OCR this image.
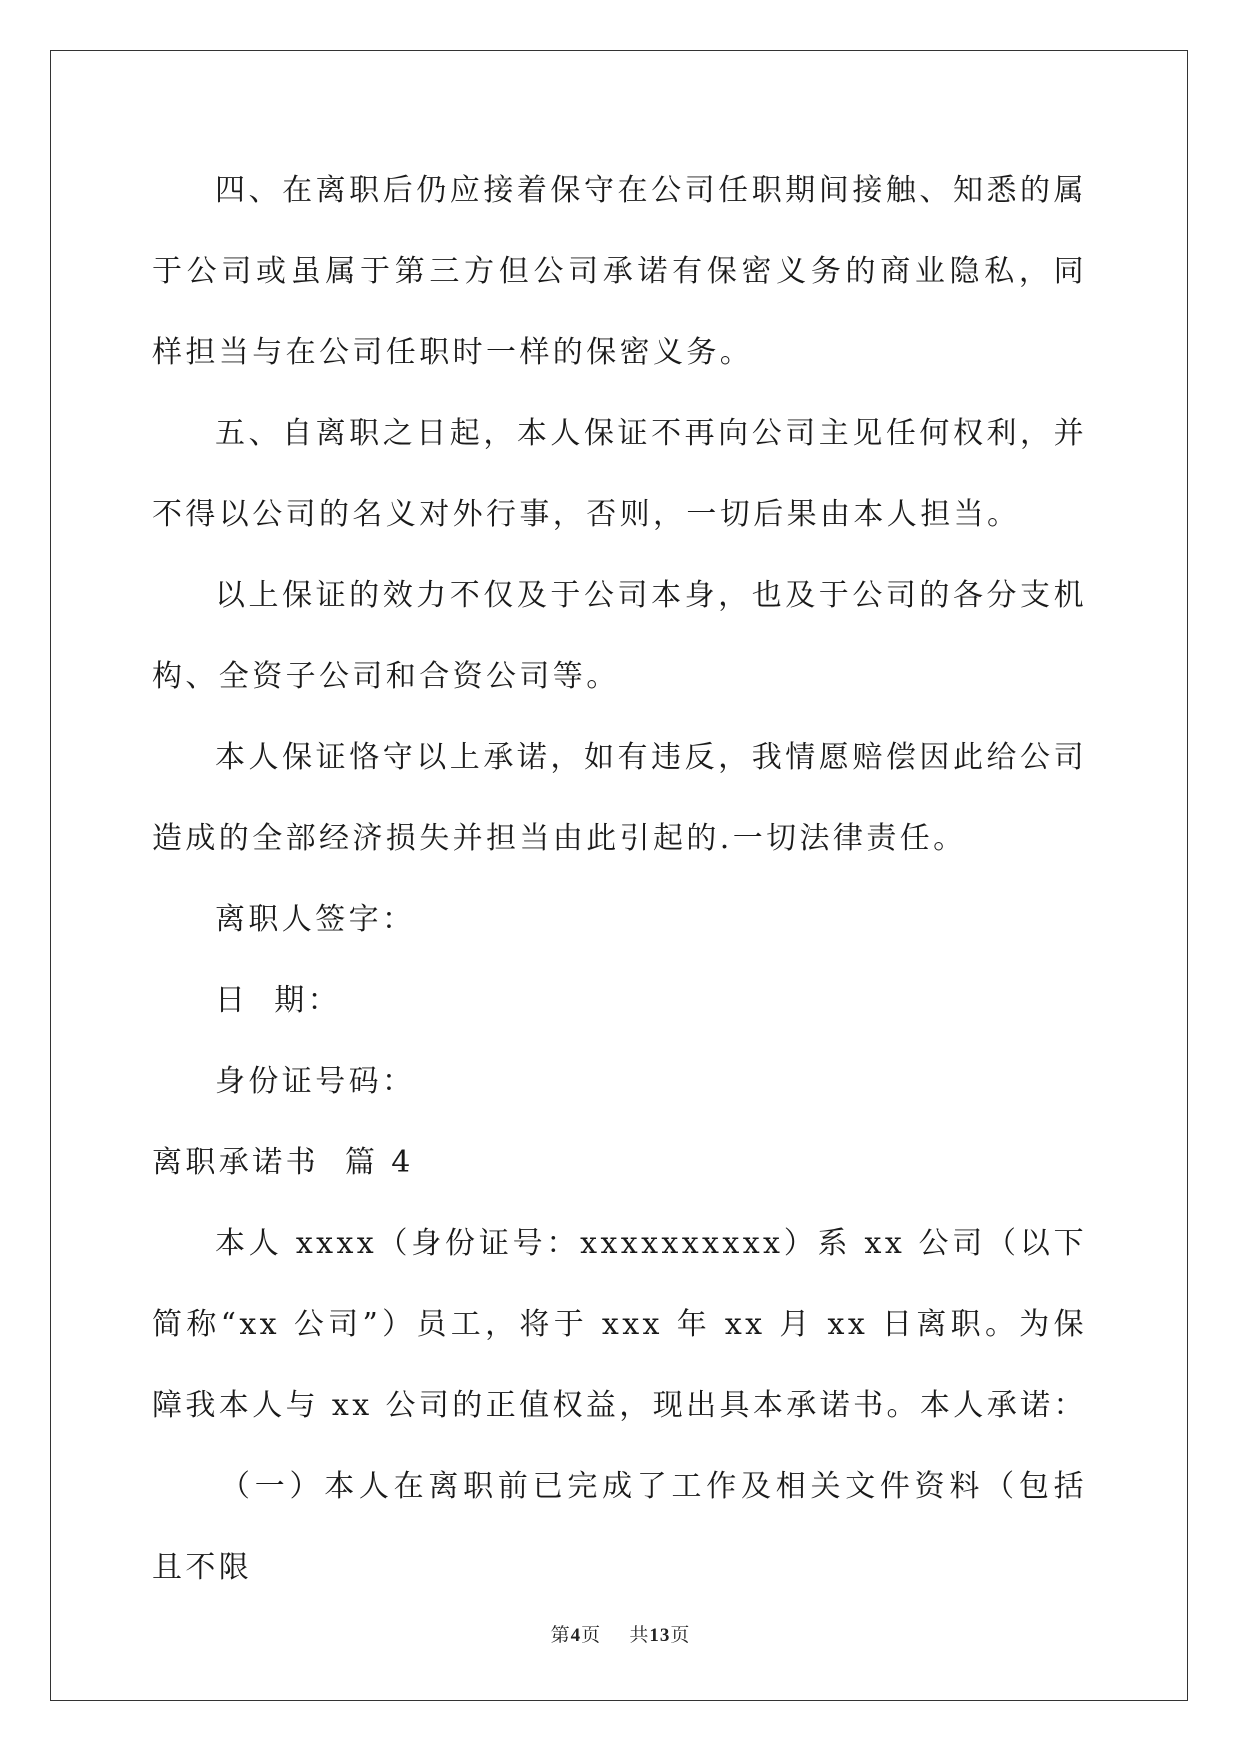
四、在离职后仍应接着保守在公司任职期间接触、知悉的属于公司或虽属于第三方但公司承诺有保密义务的商业隐私，同样担当与在公司任职时一样的保密义务。

五、自离职之日起，本人保证不再向公司主见任何权利，并不得以公司的名义对外行事，否则，一切后果由本人担当。

以上保证的效力不仅及于公司本身，也及于公司的各分支机构、全资子公司和合资公司等。

本人保证恪守以上承诺，如有违反，我情愿赔偿因此给公司造成的全部经济损失并担当由此引起的.一切法律责任。

离职人签字：

日  期：

身份证号码：

离职承诺书  篇 4

本人 xxxx（身份证号：xxxxxxxxxx）系 xx 公司（以下简称“xx 公司”）员工，将于 xxx 年 xx 月 xx 日离职。为保障我本人与 xx 公司的正值权益，现出具本承诺书。本人承诺：

（一）本人在离职前已完成了工作及相关文件资料（包括且不限

第4页 共13页
